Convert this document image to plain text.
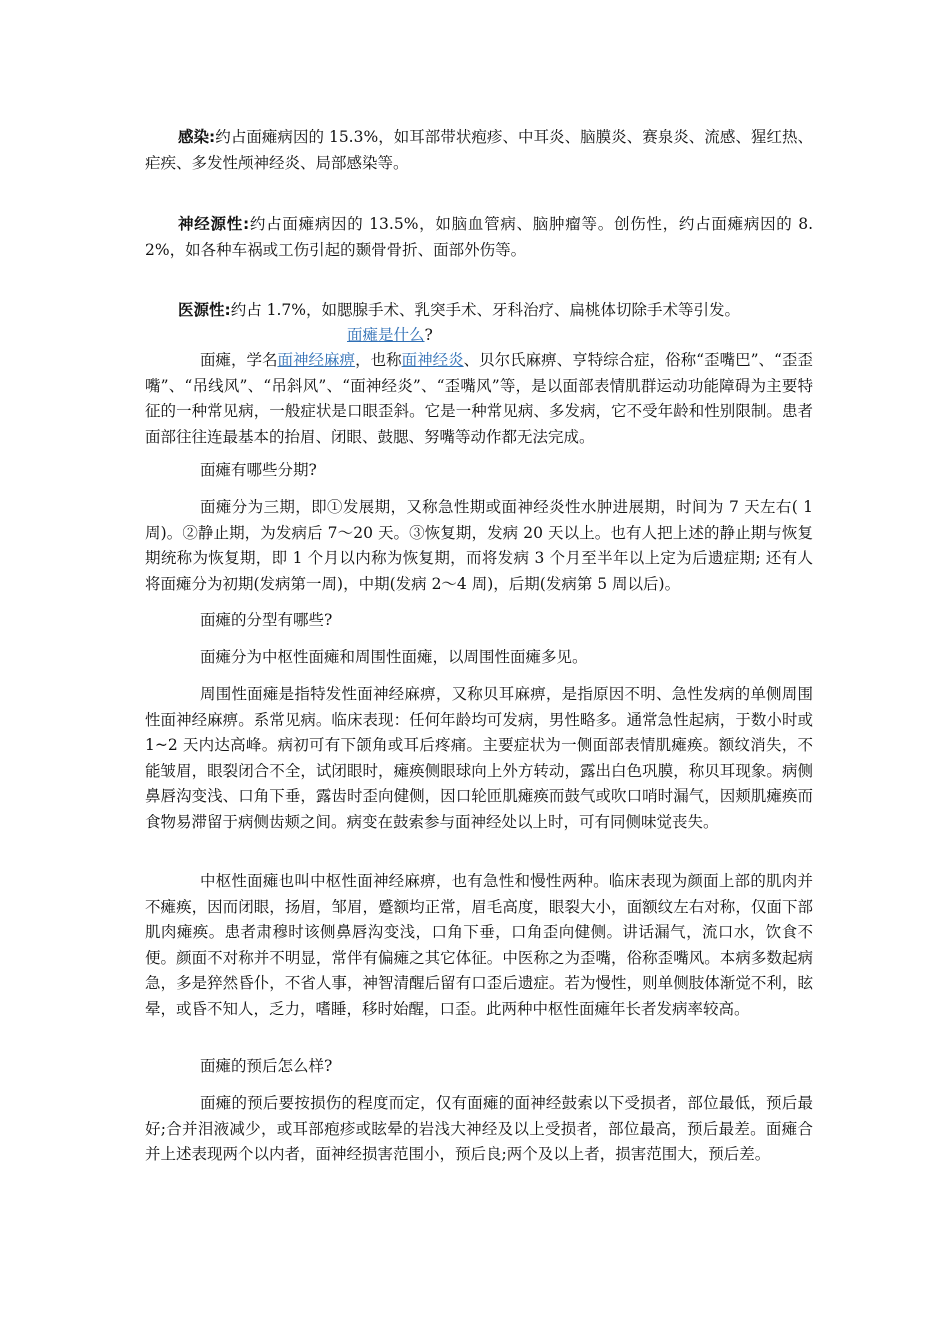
感染:约占面瘫病因的 15.3%，如耳部带状疱疹、中耳炎、脑膜炎、赛泉炎、流感、猩红热、疟疾、多发性颅神经炎、局部感染等。

神经源性:约占面瘫病因的 13.5%，如脑血管病、脑肿瘤等。创伤性，约占面瘫病因的 8.2%，如各种车祸或工伤引起的颞骨骨折、面部外伤等。

医源性:约占 1.7%，如腮腺手术、乳突手术、牙科治疗、扁桃体切除手术等引发。

面瘫是什么?

面瘫，学名面神经麻痹，也称面神经炎、贝尔氏麻痹、亨特综合症，俗称“歪嘴巴”、“歪歪嘴”、“吊线风”、“吊斜风”、“面神经炎”、“歪嘴风”等，是以面部表情肌群运动功能障碍为主要特征的一种常见病，一般症状是口眼歪斜。它是一种常见病、多发病，它不受年龄和性别限制。患者面部往往连最基本的抬眉、闭眼、鼓腮、努嘴等动作都无法完成。

面瘫有哪些分期?

面瘫分为三期，即①发展期，又称急性期或面神经炎性水肿进展期，时间为 7 天左右( 1 周)。②静止期，为发病后 7～20 天。③恢复期，发病 20 天以上。也有人把上述的静止期与恢复期统称为恢复期，即 1 个月以内称为恢复期，而将发病 3 个月至半年以上定为后遗症期; 还有人将面瘫分为初期(发病第一周)，中期(发病 2～4 周)，后期(发病第 5 周以后)。

面瘫的分型有哪些?

面瘫分为中枢性面瘫和周围性面瘫，以周围性面瘫多见。

周围性面瘫是指特发性面神经麻痹，又称贝耳麻痹，是指原因不明、急性发病的单侧周围性面神经麻痹。系常见病。临床表现：任何年龄均可发病，男性略多。通常急性起病，于数小时或 1~2 天内达高峰。病初可有下颌角或耳后疼痛。主要症状为一侧面部表情肌瘫痪。额纹消失，不能皱眉，眼裂闭合不全，试闭眼时，瘫痪侧眼球向上外方转动，露出白色巩膜，称贝耳现象。病侧鼻唇沟变浅、口角下垂，露齿时歪向健侧，因口轮匝肌瘫痪而鼓气或吹口哨时漏气，因颊肌瘫痪而食物易滞留于病侧齿颊之间。病变在鼓索参与面神经处以上时，可有同侧味觉丧失。

中枢性面瘫也叫中枢性面神经麻痹，也有急性和慢性两种。临床表现为颜面上部的肌肉并不瘫痪，因而闭眼，扬眉，邹眉，蹙额均正常，眉毛高度，眼裂大小，面额纹左右对称，仅面下部肌肉瘫痪。患者肃穆时该侧鼻唇沟变浅，口角下垂，口角歪向健侧。讲话漏气，流口水，饮食不便。颜面不对称并不明显，常伴有偏瘫之其它体征。中医称之为歪嘴，俗称歪嘴风。本病多数起病急，多是猝然昏仆，不省人事，神智清醒后留有口歪后遗症。若为慢性，则单侧肢体渐觉不利，眩晕，或昏不知人，乏力，嗜睡，移时始醒，口歪。此两种中枢性面瘫年长者发病率较高。

面瘫的预后怎么样?

面瘫的预后要按损伤的程度而定，仅有面瘫的面神经鼓索以下受损者，部位最低，预后最好;合并泪液减少，或耳部疱疹或眩晕的岩浅大神经及以上受损者，部位最高，预后最差。面瘫合并上述表现两个以内者，面神经损害范围小，预后良;两个及以上者，损害范围大，预后差。
